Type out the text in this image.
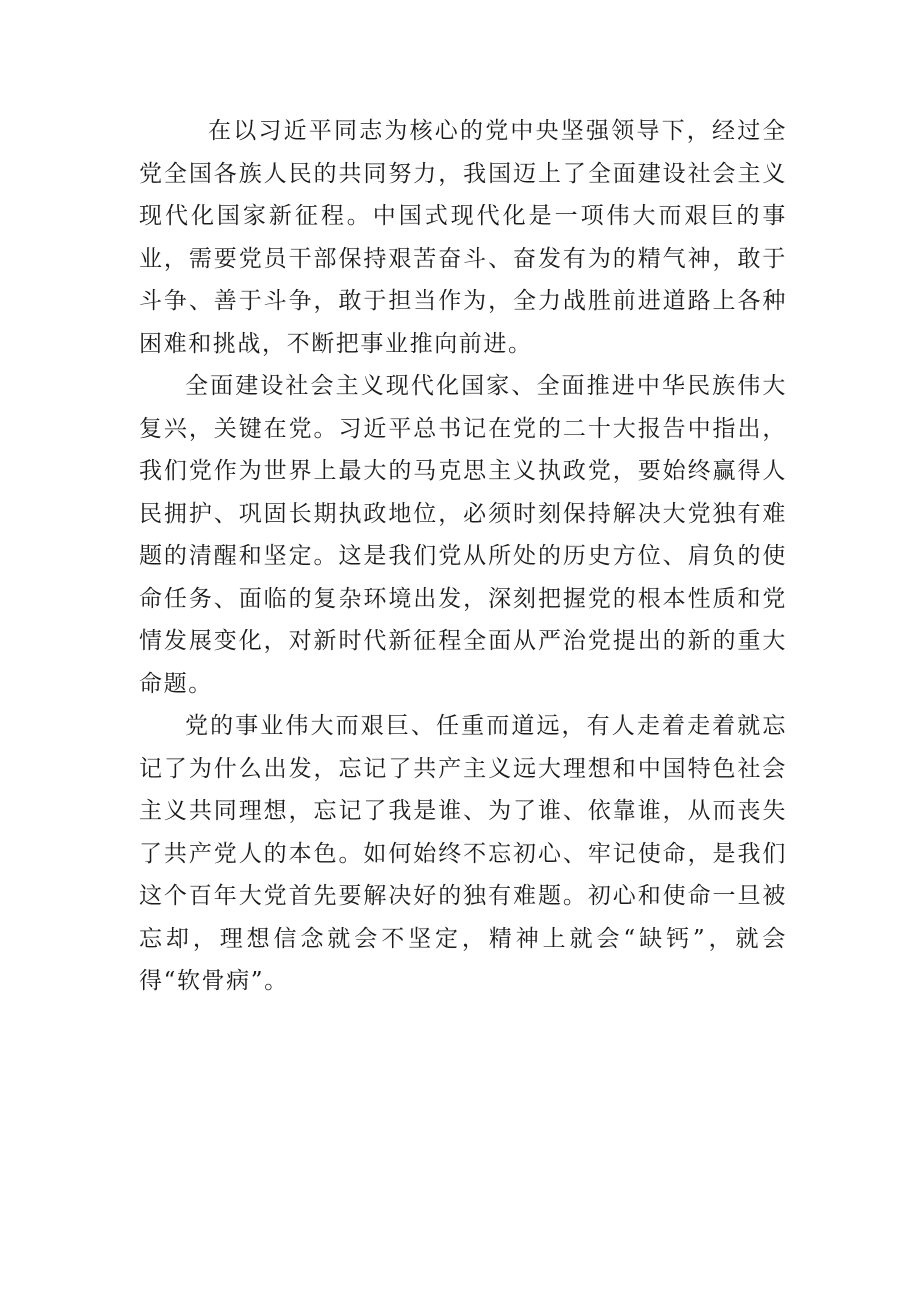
在以习近平同志为核心的党中央坚强领导下，经过全党全国各族人民的共同努力，我国迈上了全面建设社会主义现代化国家新征程。中国式现代化是一项伟大而艰巨的事业，需要党员干部保持艰苦奋斗、奋发有为的精气神，敢于斗争、善于斗争，敢于担当作为，全力战胜前进道路上各种困难和挑战，不断把事业推向前进。

全面建设社会主义现代化国家、全面推进中华民族伟大复兴，关键在党。习近平总书记在党的二十大报告中指出，我们党作为世界上最大的马克思主义执政党，要始终赢得人民拥护、巩固长期执政地位，必须时刻保持解决大党独有难题的清醒和坚定。这是我们党从所处的历史方位、肩负的使命任务、面临的复杂环境出发，深刻把握党的根本性质和党情发展变化，对新时代新征程全面从严治党提出的新的重大命题。

党的事业伟大而艰巨、任重而道远，有人走着走着就忘记了为什么出发，忘记了共产主义远大理想和中国特色社会主义共同理想，忘记了我是谁、为了谁、依靠谁，从而丧失了共产党人的本色。如何始终不忘初心、牢记使命，是我们这个百年大党首先要解决好的独有难题。初心和使命一旦被忘却，理想信念就会不坚定，精神上就会“缺钙”，就会得“软骨病”。
